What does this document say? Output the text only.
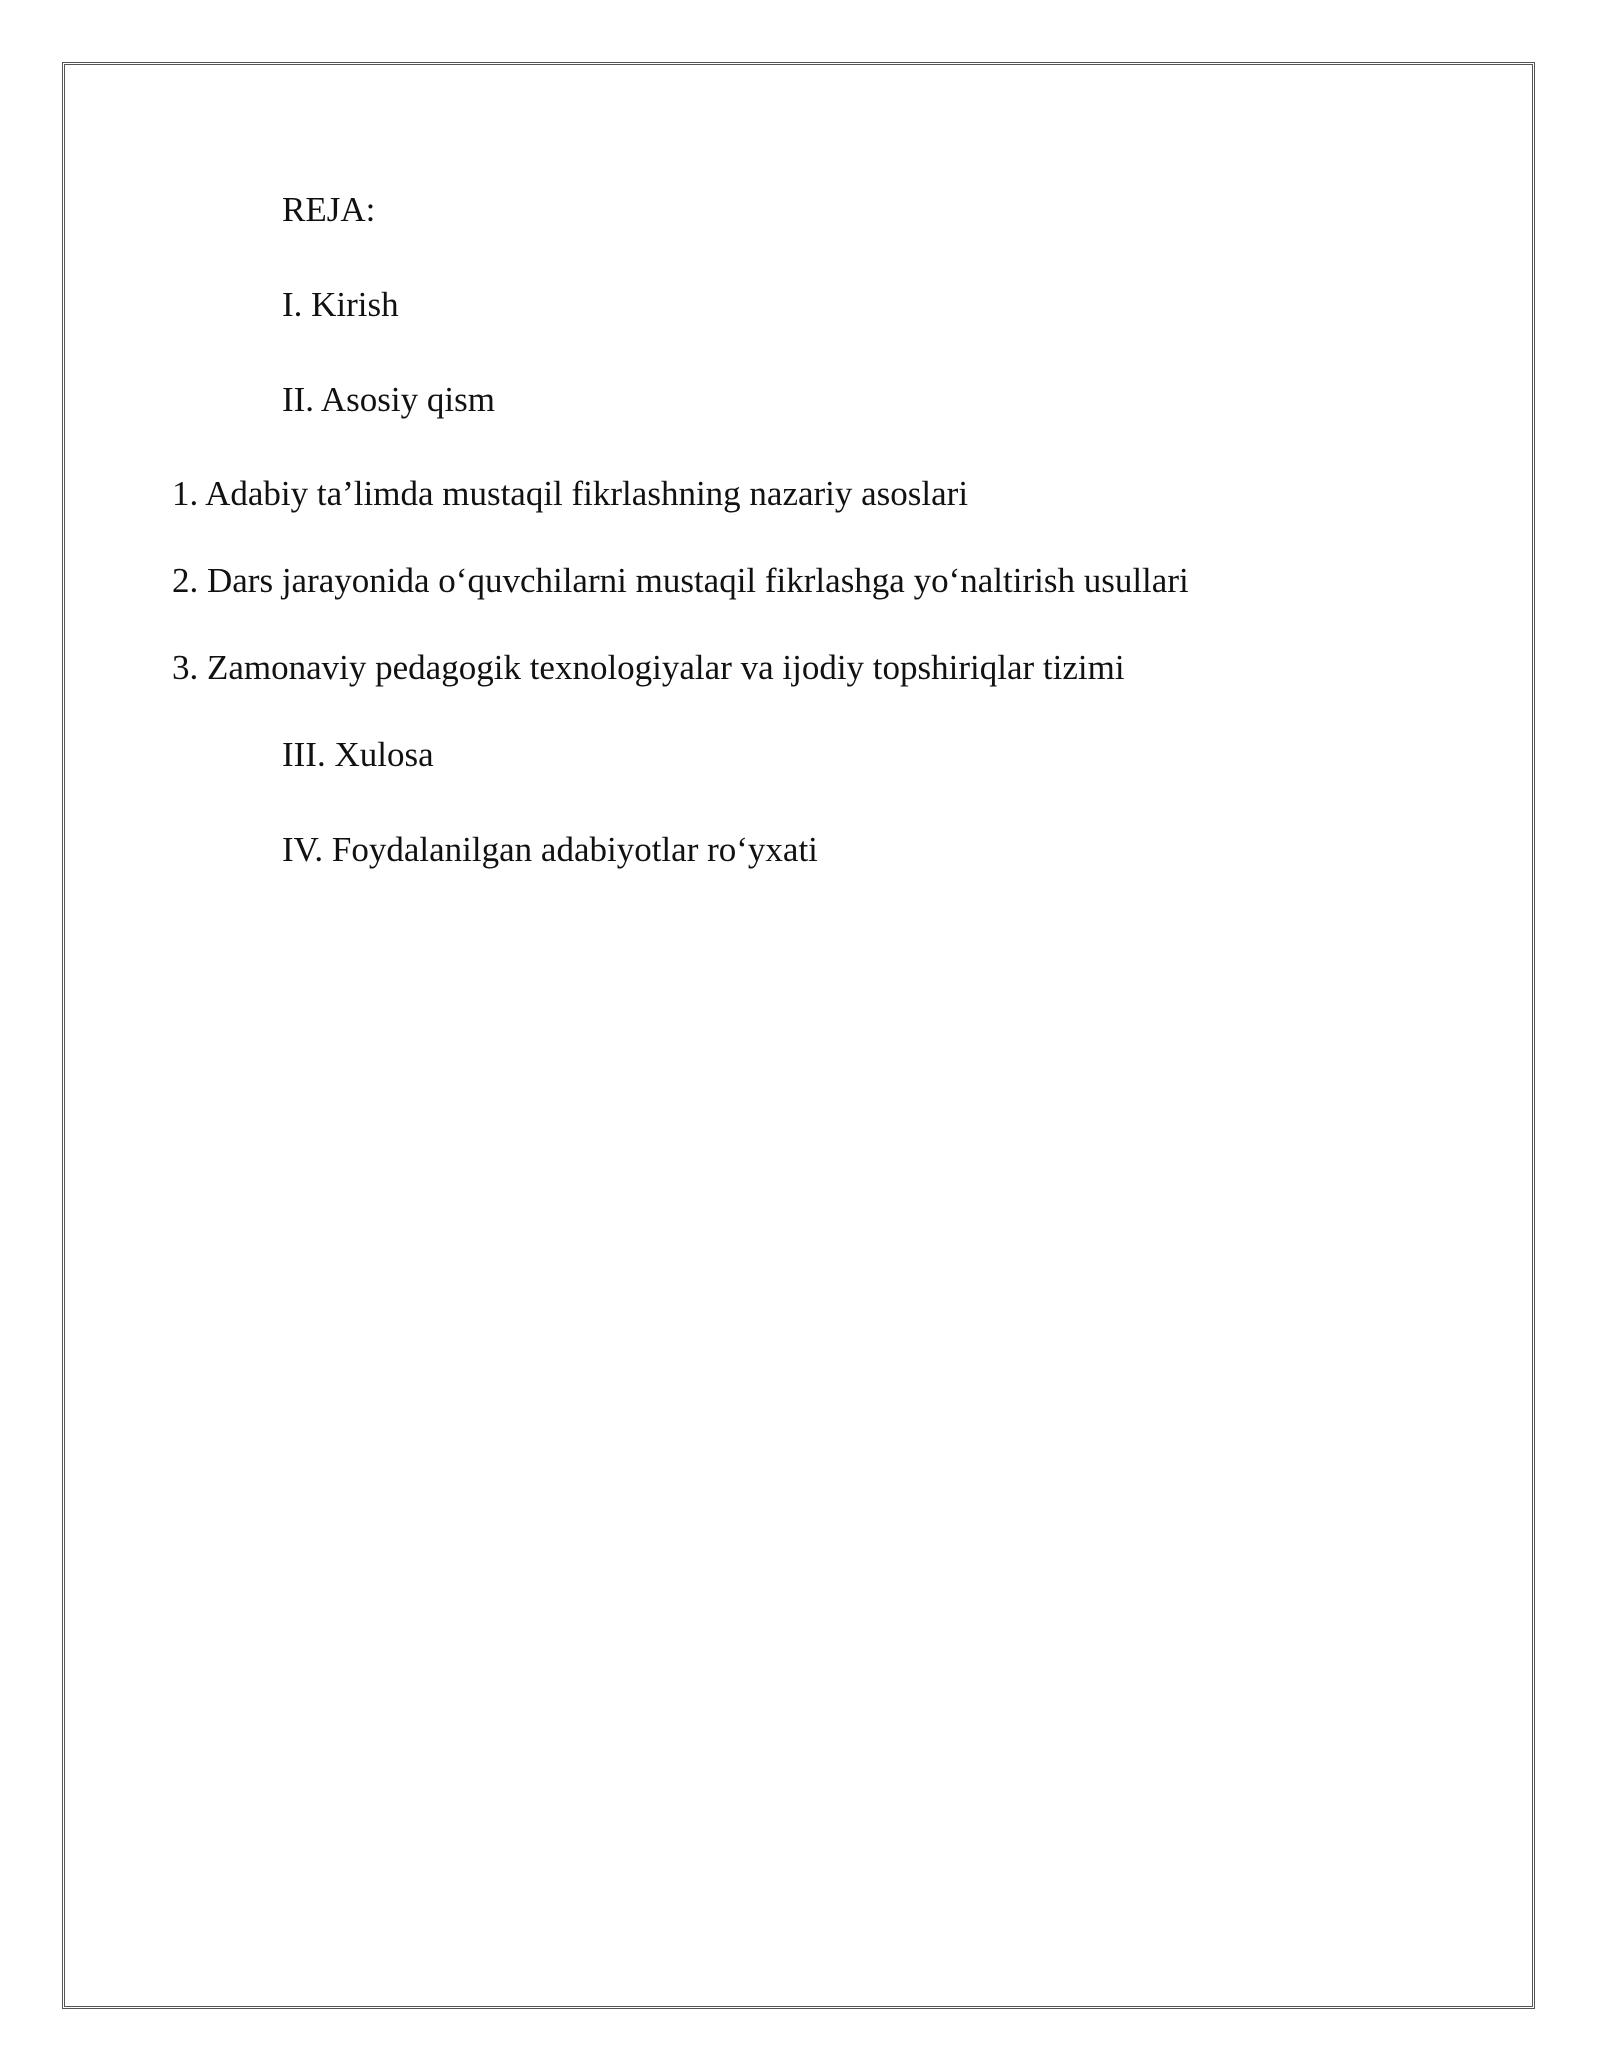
REJA:
I. Kirish
II. Asosiy qism
1. Adabiy ta’limda mustaqil fikrlashning nazariy asoslari
2. Dars jarayonida o‘quvchilarni mustaqil fikrlashga yo‘naltirish usullari
3. Zamonaviy pedagogik texnologiyalar va ijodiy topshiriqlar tizimi
III. Xulosa
IV. Foydalanilgan adabiyotlar ro‘yxati
